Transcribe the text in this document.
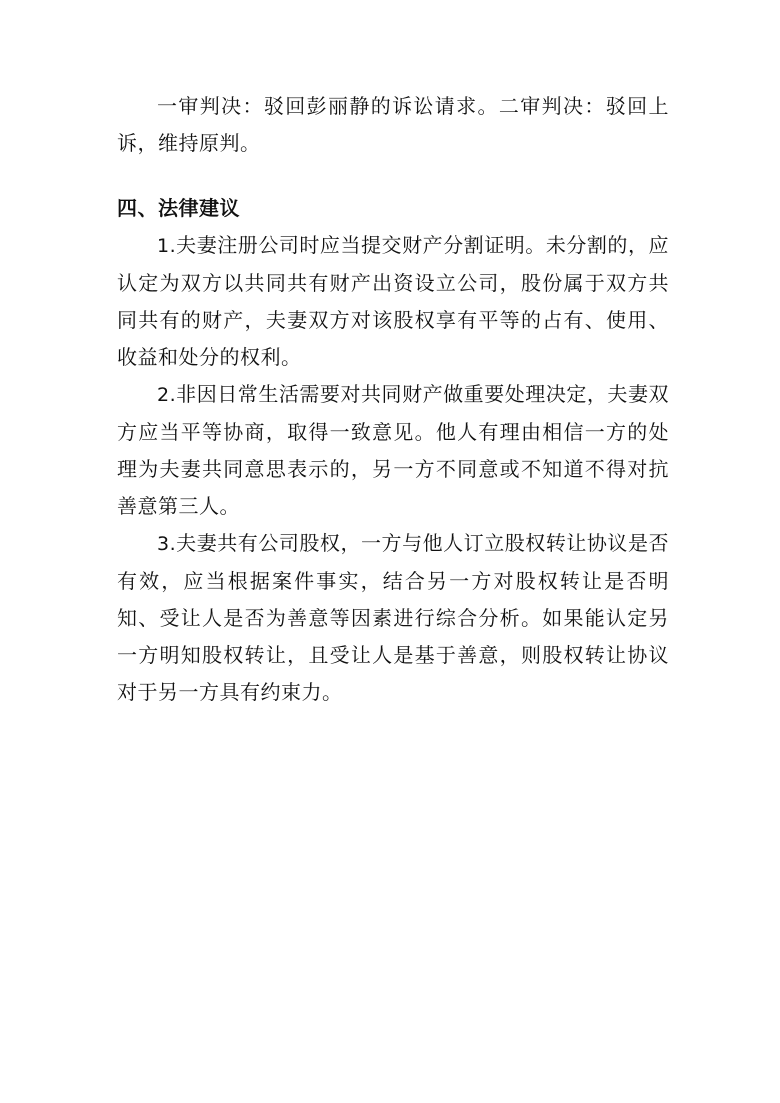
一审判决：驳回彭丽静的诉讼请求。二审判决：驳回上诉，维持原判。

四、法律建议

1.夫妻注册公司时应当提交财产分割证明。未分割的，应认定为双方以共同共有财产出资设立公司，股份属于双方共同共有的财产，夫妻双方对该股权享有平等的占有、使用、收益和处分的权利。

2.非因日常生活需要对共同财产做重要处理决定，夫妻双方应当平等协商，取得一致意见。他人有理由相信一方的处理为夫妻共同意思表示的，另一方不同意或不知道不得对抗善意第三人。

3.夫妻共有公司股权，一方与他人订立股权转让协议是否有效，应当根据案件事实，结合另一方对股权转让是否明知、受让人是否为善意等因素进行综合分析。如果能认定另一方明知股权转让，且受让人是基于善意，则股权转让协议对于另一方具有约束力。
